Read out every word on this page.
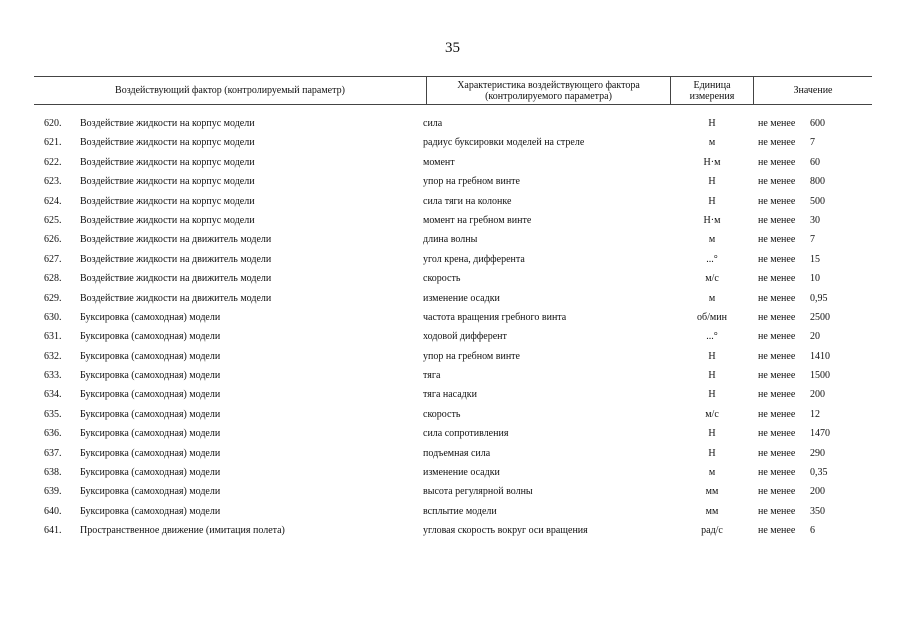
35
Воздействующий фактор (контролируемый параметр)	Характеристика воздействующего фактора
(контролируемого параметра)
Единица
измерения	Значение
620. Воздействие жидкости на корпус модели	сила	Н	не менее 600
621. Воздействие жидкости на корпус модели	радиус буксировки моделей на стреле	м	не менее 7
622. Воздействие жидкости на корпус модели	момент	Н·м	не менее 60
623. Воздействие жидкости на корпус модели	упор на гребном винте	Н	не менее 800
624. Воздействие жидкости на корпус модели	сила тяги на колонке	Н	не менее 500
625. Воздействие жидкости на корпус модели	момент на гребном винте	Н·м	не менее 30
626. Воздействие жидкости на движитель модели	длина волны	м	не менее 7
627. Воздействие жидкости на движитель модели	угол крена, дифферента	...°	не менее 15
628. Воздействие жидкости на движитель модели	скорость	м/с	не менее 10
629. Воздействие жидкости на движитель модели	изменение осадки	м	не менее 0,95
630. Буксировка (самоходная) модели	частота вращения гребного винта	об/мин	не менее 2500
631. Буксировка (самоходная) модели	ходовой дифферент	...°	не менее 20
632. Буксировка (самоходная) модели	упор на гребном винте	Н	не менее 1410
633. Буксировка (самоходная) модели	тяга	Н	не менее 1500
634. Буксировка (самоходная) модели	тяга насадки	Н	не менее 200
635. Буксировка (самоходная) модели	скорость	м/с	не менее 12
636. Буксировка (самоходная) модели	сила сопротивления	Н	не менее 1470
637. Буксировка (самоходная) модели	подъемная сила	Н	не менее 290
638. Буксировка (самоходная) модели	изменение осадки	м	не менее 0,35
639. Буксировка (самоходная) модели	высота регулярной волны	мм	не менее 200
640. Буксировка (самоходная) модели	всплытие модели	мм	не менее 350
641. Пространственное движение (имитация полета)	угловая скорость вокруг оси вращения	рад/с	не менее 6
